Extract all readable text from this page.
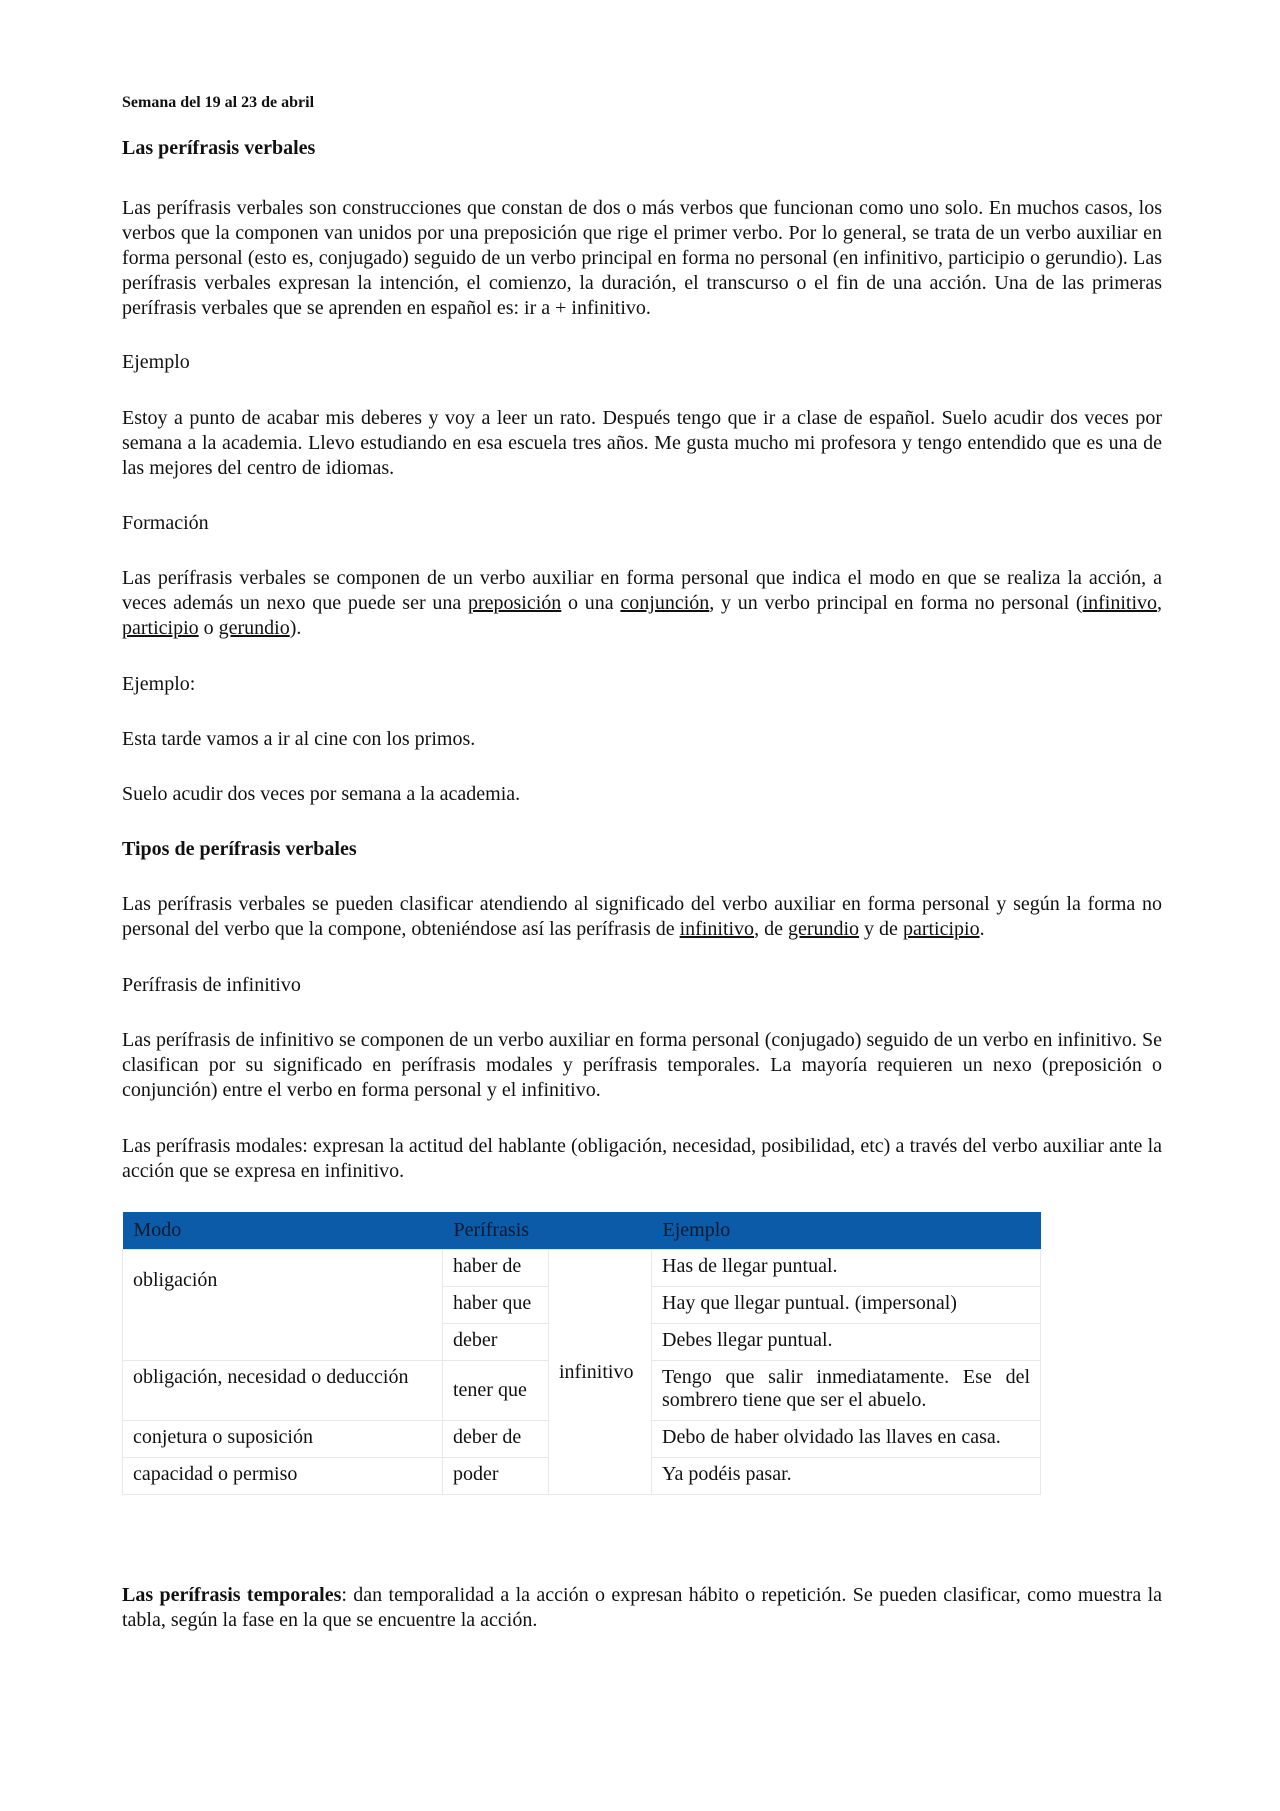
Semana del 19 al 23 de abril

Las perífrasis verbales

Las perífrasis verbales son construcciones que constan de dos o más verbos que funcionan como uno solo. En muchos casos, los verbos que la componen van unidos por una preposición que rige el primer verbo. Por lo general, se trata de un verbo auxiliar en forma personal (esto es, conjugado) seguido de un verbo principal en forma no personal (en infinitivo, participio o gerundio). Las perífrasis verbales expresan la intención, el comienzo, la duración, el transcurso o el fin de una acción. Una de las primeras perífrasis verbales que se aprenden en español es: ir a + infinitivo.

Ejemplo

Estoy a punto de acabar mis deberes y voy a leer un rato. Después tengo que ir a clase de español. Suelo acudir dos veces por semana a la academia. Llevo estudiando en esa escuela tres años. Me gusta mucho mi profesora y tengo entendido que es una de las mejores del centro de idiomas.

Formación

Las perífrasis verbales se componen de un verbo auxiliar en forma personal que indica el modo en que se realiza la acción, a veces además un nexo que puede ser una preposición o una conjunción, y un verbo principal en forma no personal (infinitivo, participio o gerundio).

Ejemplo:

Esta tarde vamos a ir al cine con los primos.

Suelo acudir dos veces por semana a la academia.

Tipos de perífrasis verbales

Las perífrasis verbales se pueden clasificar atendiendo al significado del verbo auxiliar en forma personal y según la forma no personal del verbo que la compone, obteniéndose así las perífrasis de infinitivo, de gerundio y de participio.

Perífrasis de infinitivo

Las perífrasis de infinitivo se componen de un verbo auxiliar en forma personal (conjugado) seguido de un verbo en infinitivo. Se clasifican por su significado en perífrasis modales y perífrasis temporales. La mayoría requieren un nexo (preposición o conjunción) entre el verbo en forma personal y el infinitivo.

Las perífrasis modales: expresan la actitud del hablante (obligación, necesidad, posibilidad, etc) a través del verbo auxiliar ante la acción que se expresa en infinitivo.

Modo	Perífrasis		Ejemplo
obligación	haber de	infinitivo	Has de llegar puntual.
	haber que		Hay que llegar puntual. (impersonal)
	deber		Debes llegar puntual.
obligación, necesidad o deducción	tener que		Tengo que salir inmediatamente. Ese del sombrero tiene que ser el abuelo.
conjetura o suposición	deber de		Debo de haber olvidado las llaves en casa.
capacidad o permiso	poder		Ya podéis pasar.

Las perífrasis temporales: dan temporalidad a la acción o expresan hábito o repetición. Se pueden clasificar, como muestra la tabla, según la fase en la que se encuentre la acción.
